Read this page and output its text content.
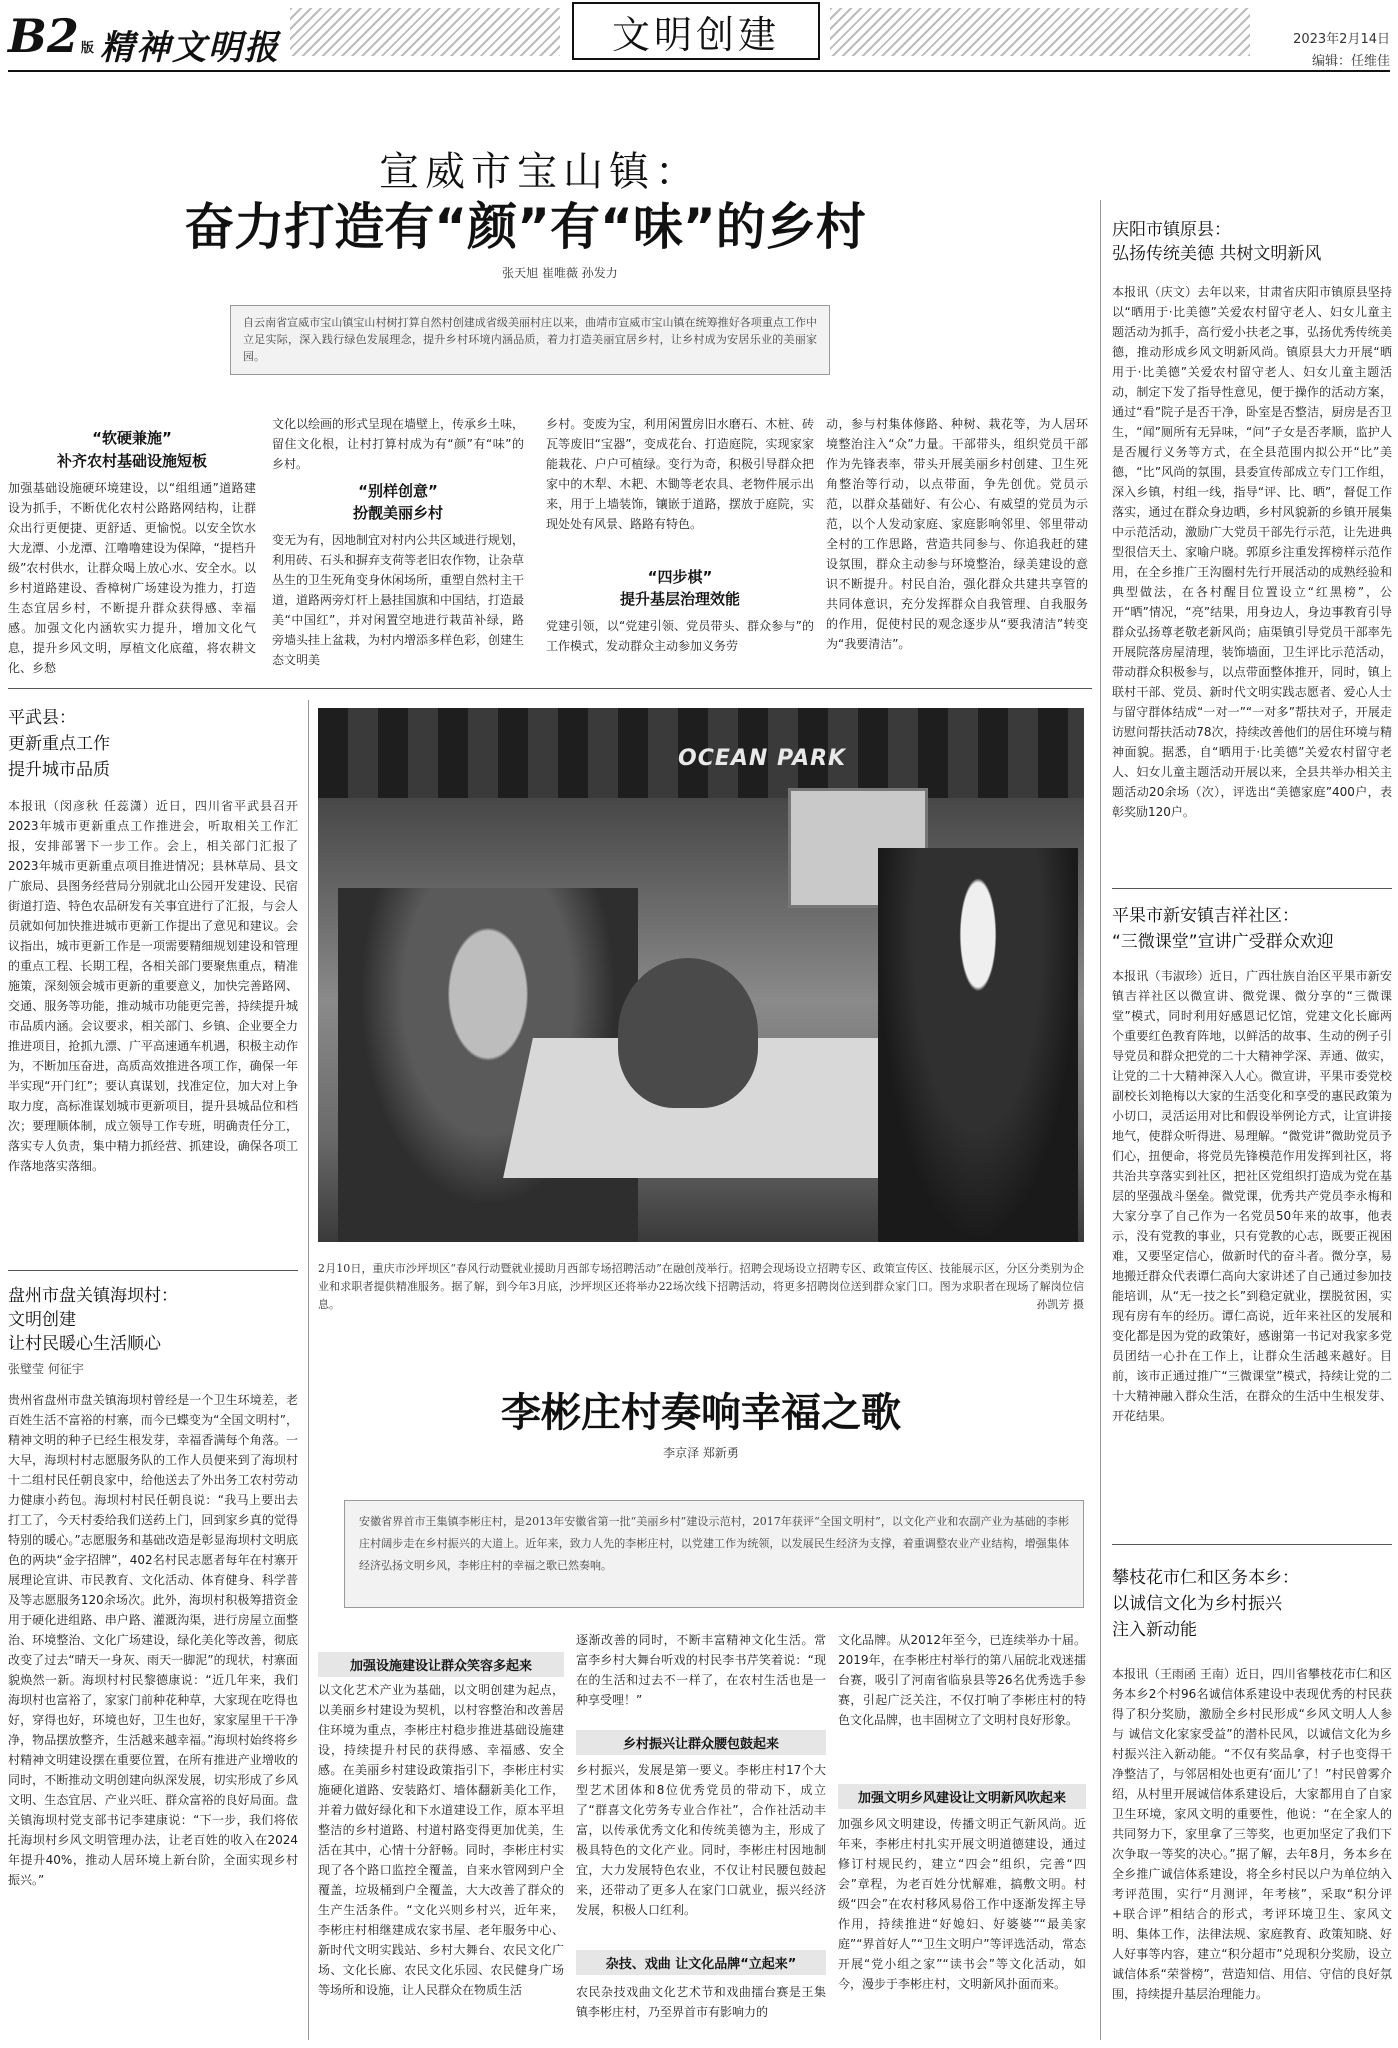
B2 版 精神文明报	文明创建	2023年2月14日
编辑：任维佳
宣威市宝山镇：
奋力打造有“颜”有“味”的乡村
张天旭 崔唯薇 孙发力
自云南省宣威市宝山镇宝山村树打算自然村创建成省级美丽村庄以来，曲靖市宣威市宝山镇在统筹推好各项重点工作中立足实际，深入践行绿色发展理念，提升乡村环境内涵品质，着力打造美丽宜居乡村，让乡村成为安居乐业的美丽家园。
“软硬兼施”
补齐农村基础设施短板
加强基础设施硬环境建设，以“组组通”道路建设为抓手，不断优化农村公路路网结构，让群众出行更便捷、更舒适、更愉悦。以安全饮水大龙潭、小龙潭、江噜噜建设为保障，“提档升级”农村供水，让群众喝上放心水、安全水。以乡村道路建设、香樟树广场建设为推力，打造生态宜居乡村，不断提升群众获得感、幸福感。加强文化内涵软实力提升，增加文化气息，提升乡风文明，厚植文化底蕴，将农耕文化、乡愁
文化以绘画的形式呈现在墙壁上，传承乡土味，留住文化根，让村打算村成为有“颜”有“味”的乡村。
“别样创意”
扮靓美丽乡村
变无为有，因地制宜对村内公共区域进行规划，利用砖、石头和摒弃支荷等老旧农作物，让杂草丛生的卫生死角变身休闲场所，重塑自然村主干道，道路两旁灯杆上悬挂国旗和中国结，打造最美“中国红”，并对闲置空地进行栽苗补绿，路旁墙头挂上盆栽，为村内增添多样色彩，创建生态文明美
乡村。变废为宝，利用闲置房旧水磨石、木桩、砖瓦等废旧“宝器”，变成花台、打造庭院，实现家家能栽花、户户可植绿。变行为奇，积极引导群众把家中的木犁、木耙、木锄等老农具、老物件展示出来，用于上墙装饰，镶嵌于道路，摆放于庭院，实现处处有风景、路路有特色。
“四步棋”
提升基层治理效能
党建引领，以“党建引领、党员带头、群众参与”的工作模式，发动群众主动参加义务劳
动，参与村集体修路、种树、栽花等，为人居环境整治注入“众”力量。干部带头，组织党员干部作为先锋表率，带头开展美丽乡村创建、卫生死角整治等行动，以点带面，争先创优。党员示范，以群众基础好、有公心、有威望的党员为示范，以个人发动家庭、家庭影响邻里、邻里带动全村的工作思路，营造共同参与、你追我赶的建设氛围，群众主动参与环境整治，绿美建设的意识不断提升。村民自治，强化群众共建共享管的共同体意识，充分发挥群众自我管理、自我服务的作用，促使村民的观念逐步从“要我清洁”转变为“我要清洁”。
平武县：
更新重点工作
提升城市品质
本报讯（闵彦秋 任蕊潇）近日，四川省平武县召开2023年城市更新重点工作推进会，听取相关工作汇报，安排部署下一步工作。会上，相关部门汇报了2023年城市更新重点项目推进情况；县林草局、县文广旅局、县图务经营局分别就北山公园开发建设、民宿街道打造、特色农品研发有关事宜进行了汇报，与会人员就如何加快推进城市更新工作提出了意见和建议。会议指出，城市更新工作是一项需要精细规划建设和管理的重点工程、长期工程，各相关部门要聚焦重点，精准施策，深刻领会城市更新的重要意义，加快完善路网、交通、服务等功能，推动城市功能更完善，持续提升城市品质内涵。会议要求，相关部门、乡镇、企业要全力推进项目，抢抓九漂、广平高速通车机遇，积极主动作为，不断加压奋进，高质高效推进各项工作，确保一年半实现“开门红”；要认真谋划，找准定位，加大对上争取力度，高标准谋划城市更新项目，提升县城品位和档次；要理顺体制，成立领导工作专班，明确责任分工，落实专人负责，集中精力抓经营、抓建设，确保各项工作落地落实落细。
盘州市盘关镇海坝村：
文明创建
让村民暖心生活顺心
张璧莹 何征宇
贵州省盘州市盘关镇海坝村曾经是一个卫生环境差，老百姓生活不富裕的村寨，而今已蝶变为“全国文明村”，精神文明的种子已经生根发芽，幸福香满每个角落。一大早，海坝村村志愿服务队的工作人员便来到了海坝村十二组村民任朝良家中，给他送去了外出务工农村劳动力健康小药包。海坝村村民任朝良说：“我马上要出去打工了，今天村委给我们送药上门，回到家乡真的觉得特别的暖心。”志愿服务和基础改造是彰显海坝村文明底色的两块“金字招牌”，402名村民志愿者每年在村寨开展理论宣讲、市民教育、文化活动、体育健身、科学普及等志愿服务120余场次。此外，海坝村积极筹措资金用于硬化进组路、串户路、灌溉沟渠，进行房屋立面整治、环境整治、文化广场建设，绿化美化等改善，彻底改变了过去“晴天一身灰、雨天一脚泥”的现状，村寨面貌焕然一新。海坝村村民黎德康说：“近几年来，我们海坝村也富裕了，家家门前种花种草，大家现在吃得也好，穿得也好，环境也好，卫生也好，家家屋里干干净净，物品摆放整齐，生活越来越幸福。”海坝村始终将乡村精神文明建设摆在重要位置，在所有推进产业增收的同时，不断推动文明创建向纵深发展，切实形成了乡风文明、生态宜居、产业兴旺、群众富裕的良好局面。盘关镇海坝村党支部书记李建康说：“下一步，我们将依托海坝村乡风文明管理办法，让老百姓的收入在2024年提升40%，推动人居环境上新台阶，全面实现乡村振兴。”
OCEAN PARK
2月10日，重庆市沙坪坝区“春风行动暨就业援助月西部专场招聘活动”在融创茂举行。招聘会现场设立招聘专区、政策宣传区、技能展示区，分区分类别为企业和求职者提供精准服务。据了解，到今年3月底，沙坪坝区还将举办22场次线下招聘活动，将更多招聘岗位送到群众家门口。图为求职者在现场了解岗位信息。	孙凯芳 摄
李彬庄村奏响幸福之歌
李京泽 郑新勇
安徽省界首市王集镇李彬庄村，是2013年安徽省第一批“美丽乡村”建设示范村，2017年获评“全国文明村”，以文化产业和农副产业为基础的李彬庄村阔步走在乡村振兴的大道上。近年来，致力人先的李彬庄村，以党建工作为统领，以发展民生经济为支撑，着重调整农业产业结构，增强集体经济弘扬文明乡风，李彬庄村的幸福之歌已然奏响。
加强设施建设让群众笑容多起来
以文化艺术产业为基础，以文明创建为起点，以美丽乡村建设为契机，以村容整治和改善居住环境为重点，李彬庄村稳步推进基础设施建设，持续提升村民的获得感、幸福感、安全感。在美丽乡村建设政策指引下，李彬庄村实施硬化道路、安装路灯、墙体翻新美化工作，并着力做好绿化和下水道建设工作，原本平坦整洁的乡村道路、村道村路变得更加优美，生活在其中，心情十分舒畅。同时，李彬庄村实现了各个路口监控全覆盖，自来水管网到户全覆盖，垃圾桶到户全覆盖，大大改善了群众的生产生活条件。“文化兴则乡村兴，近年来，李彬庄村相继建成农家书屋、老年服务中心、新时代文明实践站、乡村大舞台、农民文化广场、文化长廊、农民文化乐园、农民健身广场等场所和设施，让人民群众在物质生活
逐渐改善的同时，不断丰富精神文化生活。常富李乡村大舞台听戏的村民李书芹笑着说：“现在的生活和过去不一样了，在农村生活也是一种享受哩！”
乡村振兴让群众腰包鼓起来
乡村振兴，发展是第一要义。李彬庄村17个大型艺术团体和8位优秀党员的带动下，成立了“群喜文化劳务专业合作社”，合作社活动丰富，以传承优秀文化和传统美德为主，形成了极具特色的文化产业。同时，李彬庄村因地制宜，大力发展特色农业，不仅让村民腰包鼓起来，还带动了更多人在家门口就业，振兴经济发展，积极人口红利。
杂技、戏曲 让文化品牌“立起来”
农民杂技戏曲文化艺术节和戏曲擂台赛是王集镇李彬庄村，乃至界首市有影响力的
文化品牌。从2012年至今，已连续举办十届。2019年，在李彬庄村举行的第八届皖北戏迷擂台赛，吸引了河南省临泉县等26名优秀选手参赛，引起广泛关注，不仅打响了李彬庄村的特色文化品牌，也丰固树立了文明村良好形象。
加强文明乡风建设让文明新风吹起来
加强乡风文明建设，传播文明正气新风尚。近年来，李彬庄村扎实开展文明道德建设，通过修订村规民约，建立“四会”组织，完善“四会”章程，为老百姓分忧解难，搞敷文明。村级“四会”在农村移风易俗工作中逐渐发挥主导作用，持续推进“好媳妇、好婆婆”“最美家庭”“界首好人”“卫生文明户”等评选活动，常态开展“党小组之家”“读书会”等文化活动，如今，漫步于李彬庄村，文明新风扑面而来。
庆阳市镇原县：
弘扬传统美德 共树文明新风
本报讯（庆文）去年以来，甘肃省庆阳市镇原县坚持以“晒用于·比美德”关爱农村留守老人、妇女儿童主题活动为抓手，高行爱小扶老之事，弘扬优秀传统美德，推动形成乡风文明新风尚。镇原县大力开展“晒用于·比美德”关爱农村留守老人、妇女儿童主题活动，制定下发了指导性意见，便于操作的活动方案，通过“看”院子是否干净，卧室是否整洁，厨房是否卫生，“闻”厕所有无异味，“问”子女是否孝顺，监护人是否履行义务等方式，在全县范围内拟公开“比”美德，“比”风尚的氛围，县委宣传部成立专门工作组，深入乡镇，村组一线，指导“评、比、晒”，督促工作落实，通过在群众身边晒，乡村风貌新的乡镇开展集中示范活动，激励广大党员干部先行示范，让先进典型很信天土、家喻户晓。郭原乡注重发挥榜样示范作用，在全乡推广王沟圈村先行开展活动的成熟经验和典型做法，在各村醒目位置设立“红黑榜”，公开“晒”情况，“亮”结果，用身边人，身边事教育引导群众弘扬尊老敬老新风尚；庙渠镇引导党员干部率先开展院落房屋清理，装饰墙面，卫生评比示范活动，带动群众积极参与，以点带面整体推开，同时，镇上联村干部、党员、新时代文明实践志愿者、爱心人士与留守群体结成“一对一”“一对多”帮扶对子，开展走访慰问帮扶活动78次，持续改善他们的居住环境与精神面貌。据悉，自“晒用于·比美德”关爱农村留守老人、妇女儿童主题活动开展以来，全县共举办相关主题活动20余场（次），评选出“美德家庭”400户，表彰奖励120户。
平果市新安镇吉祥社区：
“三微课堂”宣讲广受群众欢迎
本报讯（韦淑珍）近日，广西壮族自治区平果市新安镇吉祥社区以微宣讲、微党课、微分享的“三微课堂”模式，同时利用好感恩记忆馆，党建文化长廊两个重要红色教育阵地，以鲜活的故事、生动的例子引导党员和群众把党的二十大精神学深、弄通、做实，让党的二十大精神深入人心。微宣讲，平果市委党校副校长刘艳梅以大家的生活变化和享受的惠民政策为小切口，灵活运用对比和假设举例论方式，让宣讲接地气，使群众听得进、易理解。“微党讲”微助党员予们心，扭便命，将党员先锋模范作用发挥到社区，将共治共享落实到社区，把社区党组织打造成为党在基层的坚强战斗堡垒。微党课，优秀共产党员李永梅和大家分享了自己作为一名党员50年来的故事，他表示，没有党教的事业，只有党教的心志，既要正视困难，又要坚定信心，做新时代的奋斗者。微分享，易地搬迁群众代表谭仁高向大家讲述了自己通过参加技能培训，从“无一技之长”到稳定就业，摆脱贫困，实现有房有车的经历。谭仁高说，近年来社区的发展和变化都是因为党的政策好，感谢第一书记对我家多党员团结一心扑在工作上，让群众生活越来越好。目前，该市正通过推广“三微课堂”模式，持续让党的二十大精神融入群众生活，在群众的生活中生根发芽、开花结果。
攀枝花市仁和区务本乡：
以诚信文化为乡村振兴
注入新动能
本报讯（王雨函 王南）近日，四川省攀枝花市仁和区务本乡2个村96名诚信体系建设中表现优秀的村民获得了积分奖励，激励全乡村民形成“乡风文明人人参与 诚信文化家家受益”的潜朴民风，以诚信文化为乡村振兴注入新动能。“不仅有奖品拿，村子也变得干净整洁了，与邻居相处也更有‘面儿’了！”村民曾雾介绍，从村里开展诚信体系建设后，大家都用自了自家卫生环境，家风文明的重要性，他说：“在全家人的共同努力下，家里拿了三等奖，也更加坚定了我们下次争取一等奖的决心。”据了解，去年8月，务本乡在全乡推广诚信体系建设，将全乡村民以户为单位纳入考评范围，实行“月测评，年考核”，采取“积分评+联合评”相结合的形式，考评环境卫生、家风文明、集体工作，法律法规、家庭教育、政策知晓、好人好事等内容，建立“积分超市”兑现积分奖励，设立诚信体系“荣誉榜”，营造知信、用信、守信的良好氛围，持续提升基层治理能力。
